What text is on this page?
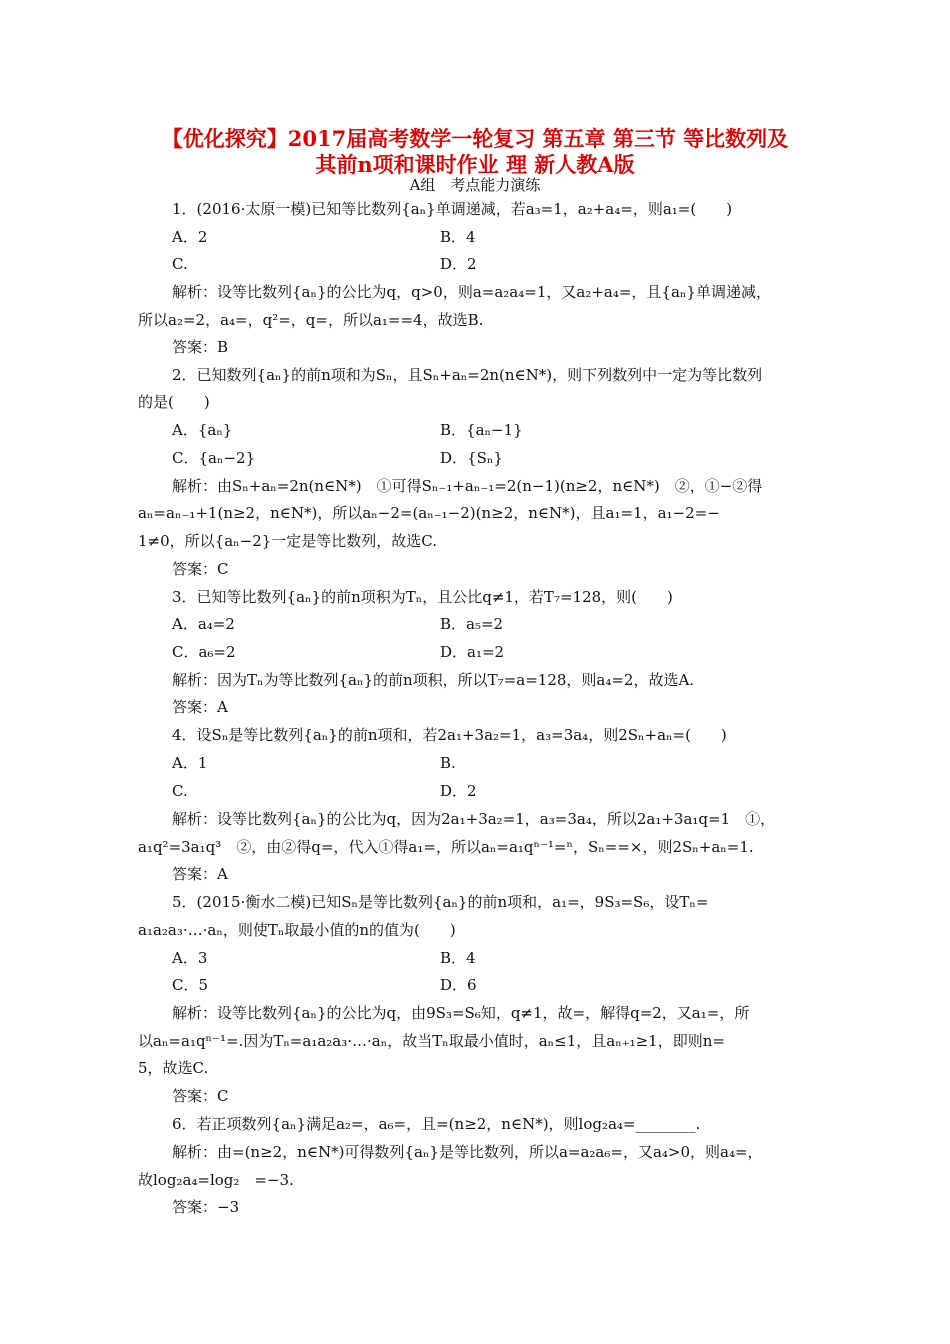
【优化探究】2017届高考数学一轮复习 第五章 第三节 等比数列及
其前n项和课时作业 理 新人教A版
A组　考点能力演练
1．(2016·太原一模)已知等比数列{aₙ}单调递减，若a₃=1，a₂+a₄=，则a₁=(　　)
A．2	B．4
C.	D．2
解析：设等比数列{aₙ}的公比为q，q>0，则a=a₂a₄=1，又a₂+a₄=，且{aₙ}单调递减，
所以a₂=2，a₄=，q²=，q=，所以a₁==4，故选B.
答案：B
2．已知数列{aₙ}的前n项和为Sₙ，且Sₙ+aₙ=2n(n∈N*)，则下列数列中一定为等比数列
的是(　　)
A．{aₙ}	B．{aₙ−1}
C．{aₙ−2}	D．{Sₙ}
解析：由Sₙ+aₙ=2n(n∈N*)　①可得Sₙ₋₁+aₙ₋₁=2(n−1)(n≥2，n∈N*)　②，①−②得
aₙ=aₙ₋₁+1(n≥2，n∈N*)，所以aₙ−2=(aₙ₋₁−2)(n≥2，n∈N*)，且a₁=1，a₁−2=−
1≠0，所以{aₙ−2}一定是等比数列，故选C.
答案：C
3．已知等比数列{aₙ}的前n项积为Tₙ，且公比q≠1，若T₇=128，则(　　)
A．a₄=2	B．a₅=2
C．a₆=2	D．a₁=2
解析：因为Tₙ为等比数列{aₙ}的前n项积，所以T₇=a=128，则a₄=2，故选A.
答案：A
4．设Sₙ是等比数列{aₙ}的前n项和，若2a₁+3a₂=1，a₃=3a₄，则2Sₙ+aₙ=(　　)
A．1	B.
C.	D．2
解析：设等比数列{aₙ}的公比为q，因为2a₁+3a₂=1，a₃=3a₄，所以2a₁+3a₁q=1　①，
a₁q²=3a₁q³　②，由②得q=，代入①得a₁=，所以aₙ=a₁qⁿ⁻¹=ⁿ，Sₙ==×，则2Sₙ+aₙ=1.
答案：A
5．(2015·衡水二模)已知Sₙ是等比数列{aₙ}的前n项和，a₁=，9S₃=S₆，设Tₙ=
a₁a₂a₃·…·aₙ，则使Tₙ取最小值的n的值为(　　)
A．3	B．4
C．5	D．6
解析：设等比数列{aₙ}的公比为q，由9S₃=S₆知，q≠1，故=，解得q=2，又a₁=，所
以aₙ=a₁qⁿ⁻¹=.因为Tₙ=a₁a₂a₃·…·aₙ，故当Tₙ取最小值时，aₙ≤1，且aₙ₊₁≥1，即则n=
5，故选C.
答案：C
6．若正项数列{aₙ}满足a₂=，a₆=，且=(n≥2，n∈N*)，则log₂a₄=________.
解析：由=(n≥2，n∈N*)可得数列{aₙ}是等比数列，所以a=a₂a₆=，又a₄>0，则a₄=，
故log₂a₄=log₂　=−3.
答案：−3
